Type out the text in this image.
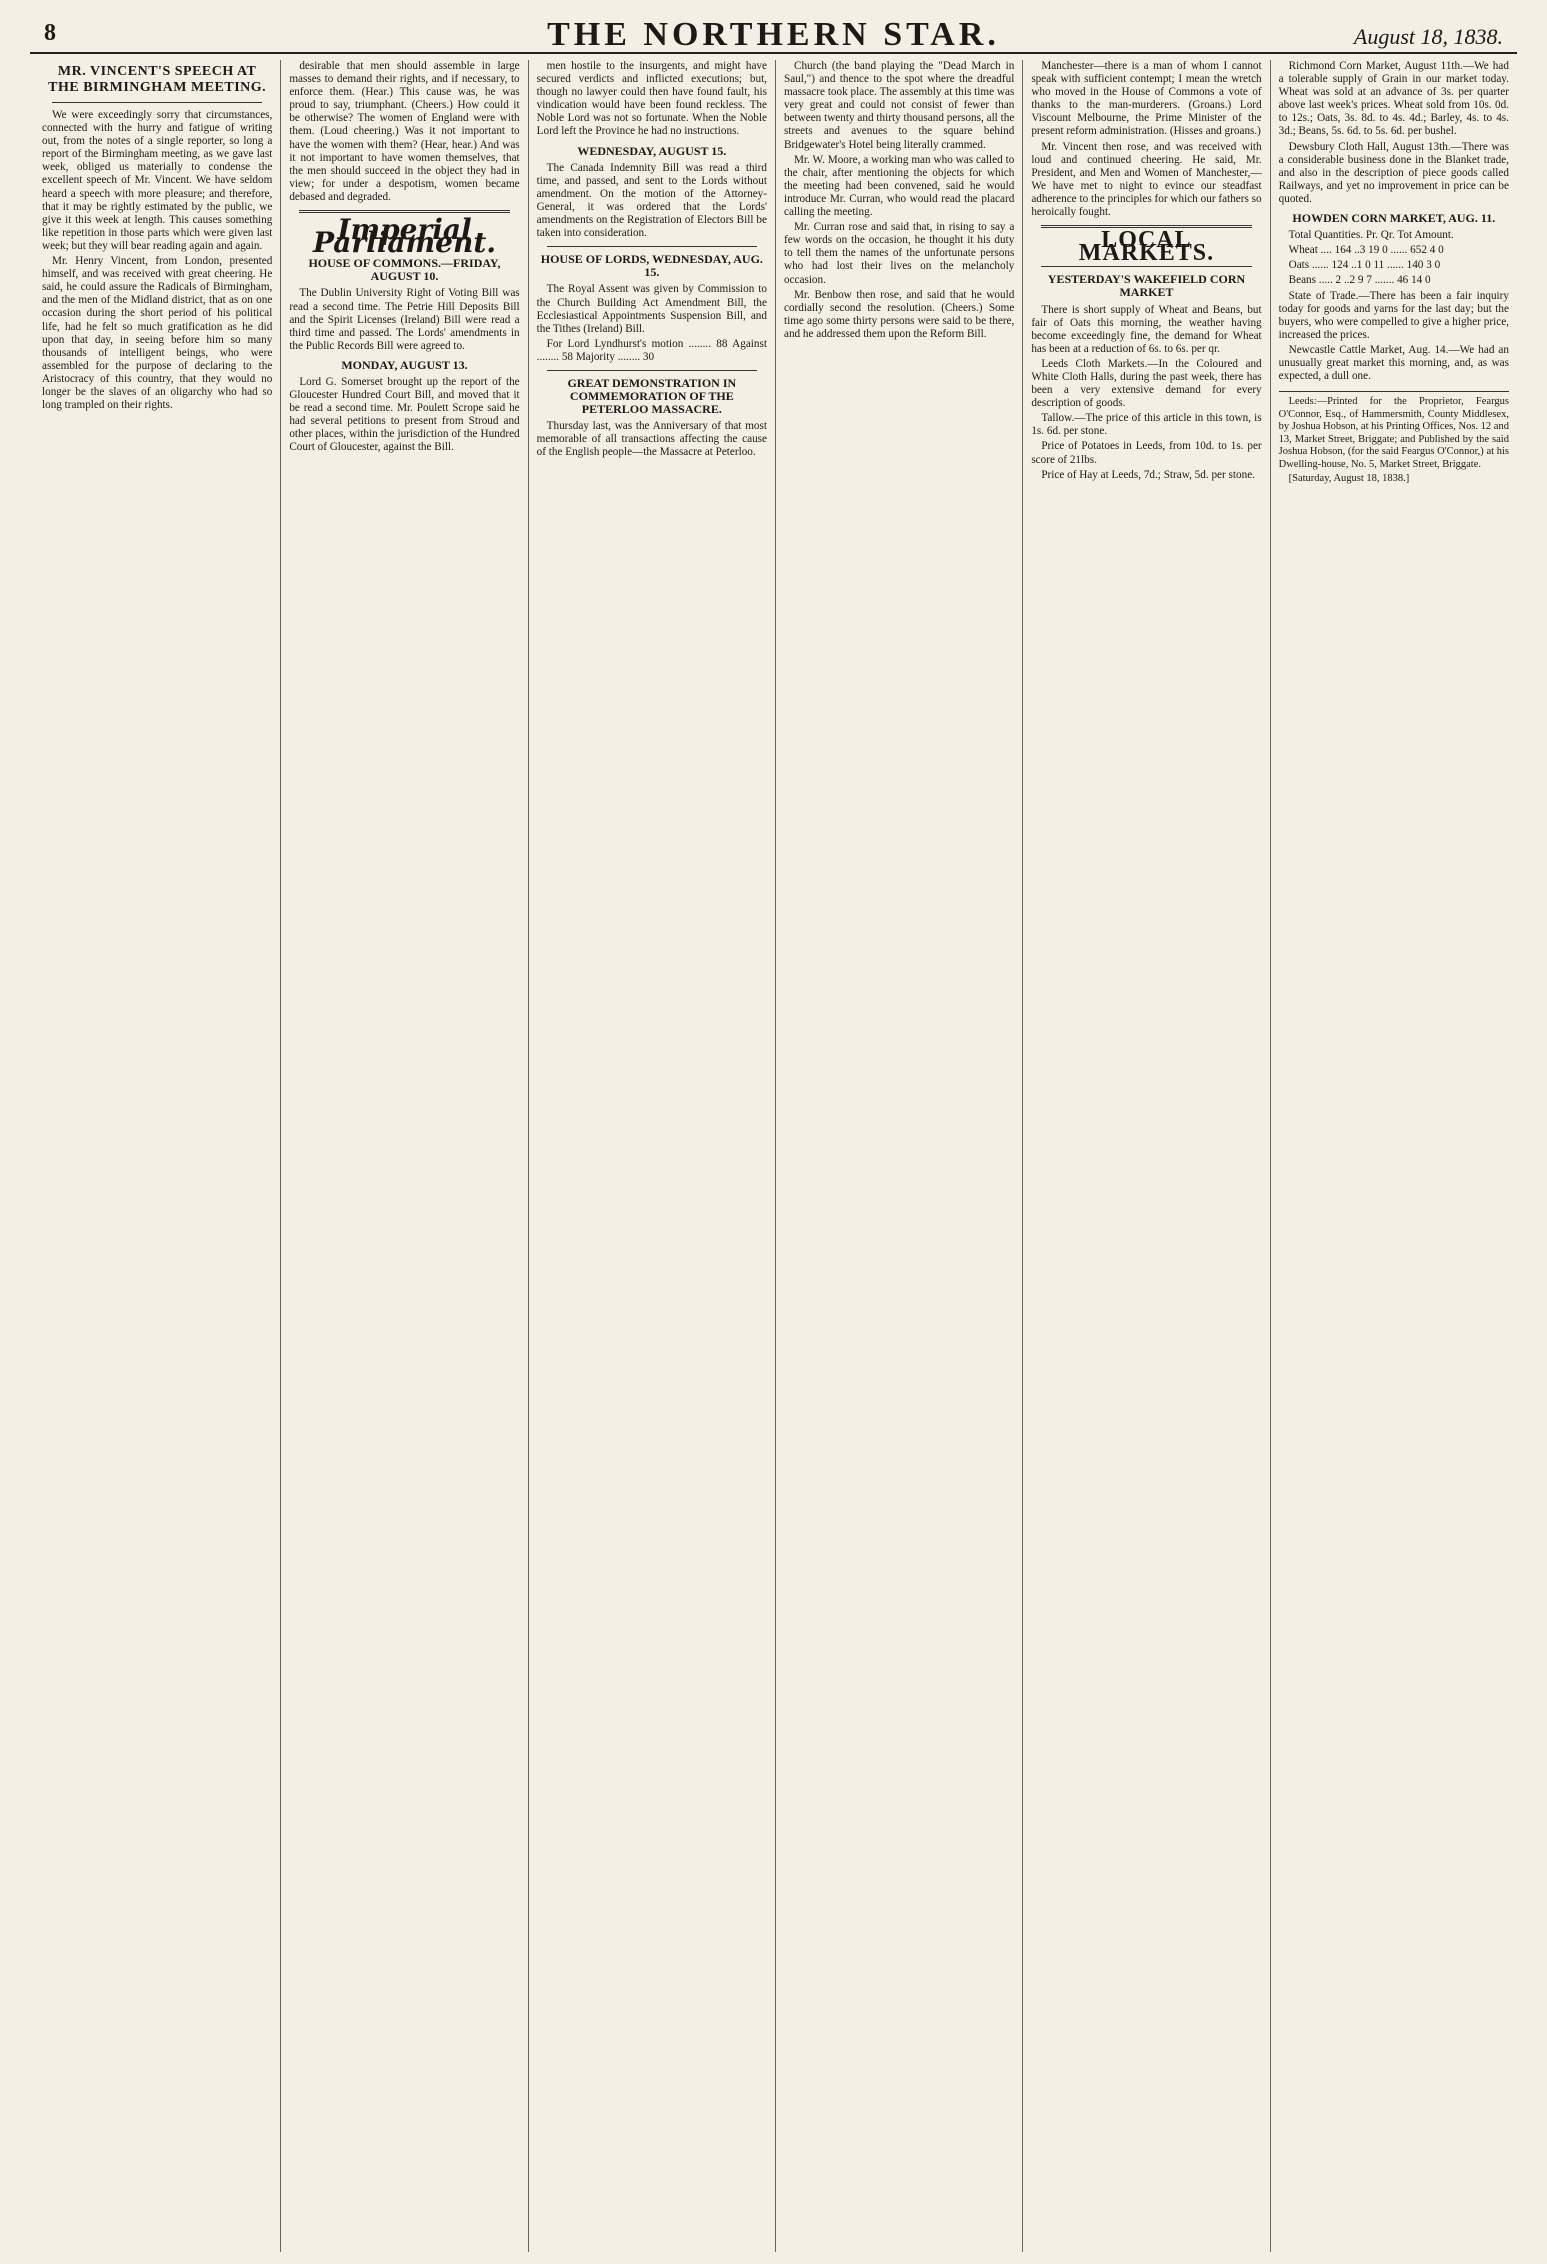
8	THE NORTHERN STAR.	August 18, 1838.
MR. VINCENT'S SPEECH AT THE BIRMINGHAM MEETING.

We were exceedingly sorry that circumstances, connected with the hurry and fatigue of writing out, from the notes of a single reporter, so long a report of the Birmingham meeting, as we gave last week, obliged us materially to condense the excellent speech of Mr. Vincent. We have seldom heard a speech with more pleasure; and therefore, that it may be rightly estimated by the public, we give it this week at length. This causes something like repetition in those parts which were given last week; but they will bear reading again and again.

Mr. Henry Vincent, from London, presented himself, and was received with great cheering. He said, he could assure the Radicals of Birmingham, and the men of the Midland district, that as on one occasion during the short period of his political life, had he felt so much gratification as he did upon that day, in seeing before him so many thousands of intelligent beings, who were assembled for the purpose of declaring to the Aristocracy of this country, that they would no longer be the slaves of an oligarchy who had so long trampled on their rights.

desirable that men should assemble in large masses to demand their rights, and if necessary, to enforce them. (Hear.) This cause was, he was proud to say, triumphant. (Cheers.) How could it be otherwise? The women of England were with them. (Loud cheering.) Was it not important to have the women with them? (Hear, hear.) And was it not important to have women themselves, that the men should succeed in the object they had in view; for under a despotism, women became debased and degraded.

Imperial Parliament.
HOUSE OF COMMONS.—FRIDAY, AUGUST 10.

The Dublin University Right of Voting Bill was read a second time. The Petrie Hill Deposits Bill and the Spirit Licenses (Ireland) Bill were read a third time and passed. The Lords' amendments in the Public Records Bill were agreed to.

MONDAY, AUGUST 13.

Lord G. Somerset brought up the report of the Gloucester Hundred Court Bill, and moved that it be read a second time. Mr. Poulett Scrope said he had several petitions to present from Stroud and other places, within the jurisdiction of the Hundred Court of Gloucester, against the Bill.

men hostile to the insurgents, and might have secured verdicts and inflicted executions; but, though no lawyer could then have found fault, his vindication would have been found reckless. The Noble Lord was not so fortunate. When the Noble Lord left the Province he had no instructions.

WEDNESDAY, AUGUST 15.

The Canada Indemnity Bill was read a third time, and passed, and sent to the Lords without amendment. On the motion of the Attorney-General, it was ordered that the Lords' amendments on the Registration of Electors Bill be taken into consideration.

HOUSE OF LORDS, WEDNESDAY, AUG. 15.

The Royal Assent was given by Commission to the Church Building Act Amendment Bill, the Ecclesiastical Appointments Suspension Bill, and the Tithes (Ireland) Bill.

For Lord Lyndhurst's motion ........ 88 Against ........ 58 Majority ........ 30

GREAT DEMONSTRATION IN COMMEMORATION OF THE PETERLOO MASSACRE.

Thursday last, was the Anniversary of that most memorable of all transactions affecting the cause of the English people—the Massacre at Peterloo.

Church (the band playing the "Dead March in Saul,") and thence to the spot where the dreadful massacre took place. The assembly at this time was very great and could not consist of fewer than between twenty and thirty thousand persons, all the streets and avenues to the square behind Bridgewater's Hotel being literally crammed.

Mr. W. Moore, a working man who was called to the chair, after mentioning the objects for which the meeting had been convened, said he would introduce Mr. Curran, who would read the placard calling the meeting.

Mr. Curran rose and said that, in rising to say a few words on the occasion, he thought it his duty to tell them the names of the unfortunate persons who had lost their lives on the melancholy occasion.

Mr. Benbow then rose, and said that he would cordially second the resolution. (Cheers.) Some time ago some thirty persons were said to be there, and he addressed them upon the Reform Bill.

Manchester—there is a man of whom I cannot speak with sufficient contempt; I mean the wretch who moved in the House of Commons a vote of thanks to the man-murderers. (Groans.) Lord Viscount Melbourne, the Prime Minister of the present reform administration. (Hisses and groans.)

Mr. Vincent then rose, and was received with loud and continued cheering. He said, Mr. President, and Men and Women of Manchester,—We have met to night to evince our steadfast adherence to the principles for which our fathers so heroically fought.

LOCAL MARKETS.
YESTERDAY'S WAKEFIELD CORN MARKET

There is short supply of Wheat and Beans, but fair of Oats this morning, the weather having become exceedingly fine, the demand for Wheat has been at a reduction of 6s. to 6s. per qr.

Leeds Cloth Markets.—In the Coloured and White Cloth Halls, during the past week, there has been a very extensive demand for every description of goods.

Tallow.—The price of this article in this town, is 1s. 6d. per stone.

Price of Potatoes in Leeds, from 10d. to 1s. per score of 21lbs.

Price of Hay at Leeds, 7d.; Straw, 5d. per stone.

Richmond Corn Market, August 11th.—We had a tolerable supply of Grain in our market today. Wheat was sold at an advance of 3s. per quarter above last week's prices. Wheat sold from 10s. 0d. to 12s.; Oats, 3s. 8d. to 4s. 4d.; Barley, 4s. to 4s. 3d.; Beans, 5s. 6d. to 5s. 6d. per bushel.

Dewsbury Cloth Hall, August 13th.—There was a considerable business done in the Blanket trade, and also in the description of piece goods called Railways, and yet no improvement in price can be quoted.

HOWDEN CORN MARKET, AUG. 11.

Total Quantities. Pr. Qr. Tot Amount.

Wheat .... 164 ..3 19 0 ...... 652 4 0

Oats ...... 124 ..1 0 11 ...... 140 3 0

Beans ..... 2 ..2 9 7 ....... 46 14 0

State of Trade.—There has been a fair inquiry today for goods and yarns for the last day; but the buyers, who were compelled to give a higher price, increased the prices.

Newcastle Cattle Market, Aug. 14.—We had an unusually great market this morning, and, as was expected, a dull one.

Leeds:—Printed for the Proprietor, Feargus O'Connor, Esq., of Hammersmith, County Middlesex, by Joshua Hobson, at his Printing Offices, Nos. 12 and 13, Market Street, Briggate; and Published by the said Joshua Hobson, (for the said Feargus O'Connor,) at his Dwelling-house, No. 5, Market Street, Briggate.

[Saturday, August 18, 1838.]
